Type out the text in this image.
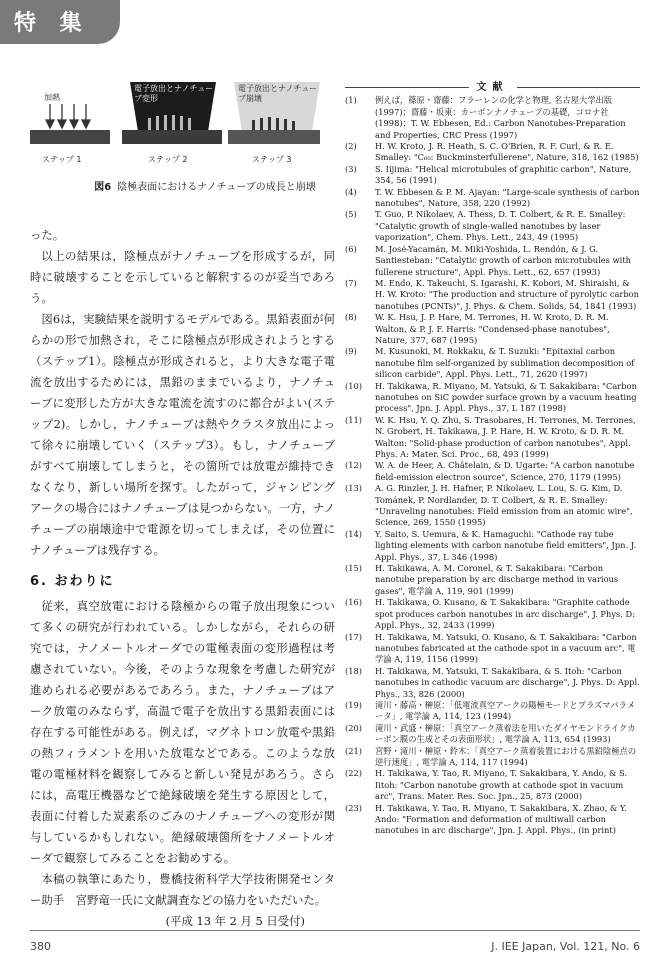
特 集
加熱
電子放出とナノチューブ変形
電子放出とナノチューブ崩壊
ステップ 1	ステップ 2	ステップ 3
図6 陰極表面におけるナノチューブの成長と崩壊

った。

以上の結果は，陰極点がナノチューブを形成するが，同時に破壊することを示していると解釈するのが妥当であろう。

図6は，実験結果を説明するモデルである。黒鉛表面が何らかの形で加熱され，そこに陰極点が形成されようとする（ステップ1）。陰極点が形成されると，より大きな電子電流を放出するためには，黒鉛のままでいるより，ナノチューブに変形した方が大きな電流を流すのに都合がよい(ステップ2)。しかし，ナノチューブは熱やクラスタ放出によって徐々に崩壊していく（ステップ3）。もし，ナノチューブがすべて崩壊してしまうと，その箇所では放電が維持できなくなり，新しい場所を探す。したがって，ジャンピングアークの場合にはナノチューブは見つからない。一方，ナノチューブの崩壊途中で電源を切ってしまえば，その位置にナノチューブは残存する。

6. おわりに

従来，真空放電における陰極からの電子放出現象について多くの研究が行われている。しかしながら，それらの研究では，ナノメートルオーダでの電極表面の変形過程は考慮されていない。今後，そのような現象を考慮した研究が進められる必要があるであろう。また，ナノチューブはアーク放電のみならず，高温で電子を放出する黒鉛表面には存在する可能性がある。例えば，マグネトロン放電や黒鉛の熱フィラメントを用いた放電などである。このような放電の電極材料を観察してみると新しい発見があろう。さらには，高電圧機器などで絶縁破壊を発生する原因として，表面に付着した炭素系のごみのナノチューブへの変形が関与しているかもしれない。絶縁破壊箇所をナノメートルオーダで観察してみることをお勧めする。

本稿の執筆にあたり，豊橋技術科学大学技術開発センター助手　宮野竜一氏に文献調査などの協力をいただいた。

(平成 13 年 2 月 5 日受付)
文献
(1)	例えば，篠原・齋藤：フラーレンの化学と物理, 名古屋大学出版 (1997)；齋藤・坂東：カーボンナノチューブの基礎，コロナ社 (1998)；T. W. Ebbesen, Ed.: Carbon Nanotubes-Preparation and Properties, CRC Press (1997)
(2)	H. W. Kroto, J. R. Heath, S. C. O'Brien, R. F. Curl, & R. E. Smalley: "C₆₀: Buckminsterfullerene", Nature, 318, 162 (1985)
(3)	S. Iijima: "Helical microtubules of graphitic carbon", Nature, 354, 56 (1991)
(4)	T. W. Ebbesen & P. M. Ajayan: "Large-scale synthesis of carbon nanotubes", Nature, 358, 220 (1992)
(5)	T. Guo, P. Nikolaev, A. Thess, D. T. Colbert, & R. E. Smalley: "Catalytic growth of single-walled nanotubes by laser vaporization", Chem. Phys. Lett., 243, 49 (1995)
(6)	M. José-Yacamán, M. Miki-Yoshida, L. Rendón, & J. G. Santiesteban: "Catalytic growth of carbon microtubules with fullerene structure", Appl. Phys. Lett., 62, 657 (1993)
(7)	M. Endo, K. Takeuchi, S. Igarashi, K. Kobori, M. Shiraishi, & H. W. Kroto: "The production and structure of pyrolytic carbon nanotubes (PCNTs)", J. Phys. & Chem. Solids, 54, 1841 (1993)
(8)	W. K. Hsu, J. P. Hare, M. Terrones, H. W. Kroto, D. R. M. Walton, & P. J. F. Harris: "Condensed-phase nanotubes", Nature, 377, 687 (1995)
(9)	M. Kusunoki, M. Rokkaku, & T. Suzuki: "Epitaxial carbon nanotube film self-organized by sublimation decomposition of silicon carbide", Appl. Phys. Lett., 71, 2620 (1997)
(10)	H. Takikawa, R. Miyano, M. Yatsuki, & T. Sakakibara: "Carbon nanotubes on SiC powder surface grown by a vacuum heating process", Jpn. J. Appl. Phys., 37, L 187 (1998)
(11)	W. K. Hsu, Y. Q. Zhu, S. Trasobares, H. Terrones, M. Terrones, N. Grobert, H. Takikawa, J. P. Hare, H. W. Kroto, & D. R. M. Walton: "Solid-phase production of carbon nanotubes", Appl. Phys. A: Mater. Sci. Proc., 68, 493 (1999)
(12)	W. A. de Heer, A. Châtelain, & D. Ugarte: "A carbon nanotube field-emission electron source", Science, 270, 1179 (1995)
(13)	A. G. Rinzler, J. H. Hafner, P. Nikolaev, L. Lou, S. G. Kim, D. Tománek, P. Nordlander, D. T. Colbert, & R. E. Smalley: "Unraveling nanotubes: Field emission from an atomic wire", Science, 269, 1550 (1995)
(14)	Y. Saito, S. Uemura, & K. Hamaguchi: "Cathode ray tube lighting elements with carbon nanotube field emitters", Jpn. J. Appl. Phys., 37, L 346 (1998)
(15)	H. Takikawa, A. M. Coronel, & T. Sakakibara: "Carbon nanotube preparation by arc discharge method in various gases", 電学論 A, 119, 901 (1999)
(16)	H. Takikawa, O. Kusano, & T. Sakakibara: "Graphite cathode spot produces carbon nanotubes in arc discharge", J. Phys. D: Appl. Phys., 32, 2433 (1999)
(17)	H. Takikawa, M. Yatsuki, O. Kusano, & T. Sakakibara: "Carbon nanotubes fabricated at the cathode spot in a vacuum arc", 電学論 A, 119, 1156 (1999)
(18)	H. Takikawa, M. Yatsuki, T. Sakakibara, & S. Itoh: "Carbon nanotubes in cathodic vacuum arc discharge", J. Phys. D: Appl. Phys., 33, 826 (2000)
(19)	滝川・藤高・榊原：「低電流真空アークの陽極モードとプラズマパラメータ」, 電学論 A, 114, 123 (1994)
(20)	滝川・武盛・榊原：「真空アーク蒸着法を用いたダイヤモンドライクカーボン膜の生成とその表面形状」, 電学論 A, 113, 654 (1993)
(21)	宮野・滝川・榊原・鈴木：「真空アーク蒸着装置における黒鉛陰極点の逆行速度」, 電学論 A, 114, 117 (1994)
(22)	H. Takikawa, Y. Tao, R. Miyano, T. Sakakibara, Y. Ando, & S. Iitoh: "Carbon nanotube growth at cathode spot in vacuum arc", Trans. Mater. Res. Soc. Jpn., 25, 873 (2000)
(23)	H. Takikawa, Y. Tao, R. Miyano, T. Sakakibara, X. Zhao, & Y. Ando: "Formation and deformation of multiwall carbon nanotubes in arc discharge", Jpn. J. Appl. Phys., (in print)
380	J. IEE Japan, Vol. 121, No. 6
